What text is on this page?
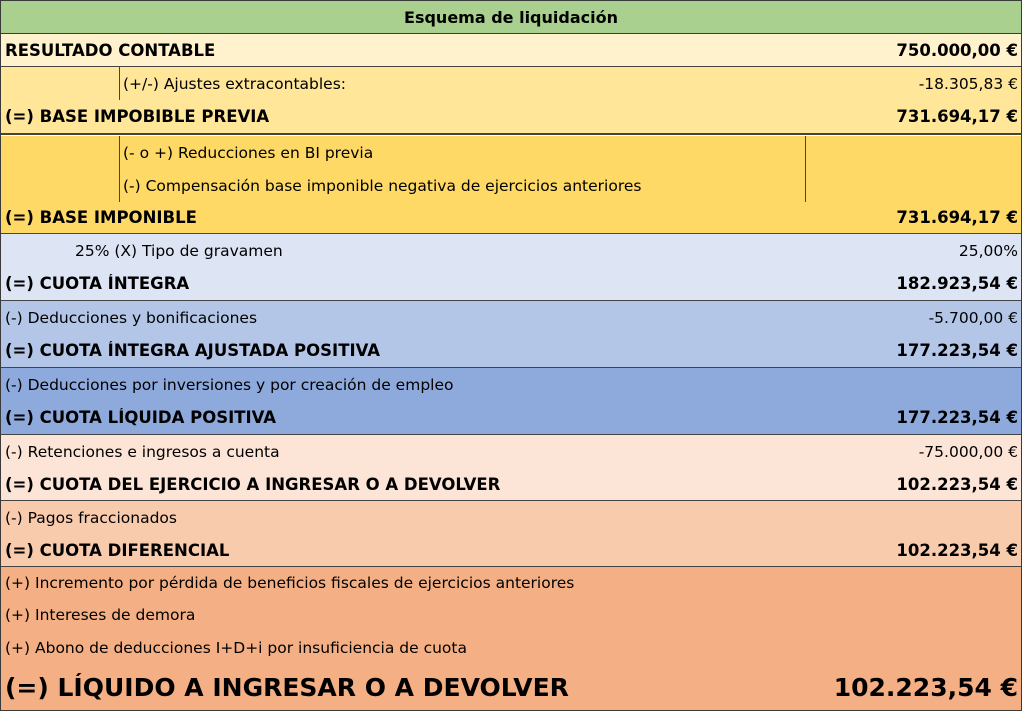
Esquema de liquidación
RESULTADO CONTABLE	750.000,00 €
(+/-) Ajustes extracontables:	-18.305,83 €
(=) BASE IMPOBIBLE PREVIA	731.694,17 €
(- o +) Reducciones en BI previa
(-) Compensación base imponible negativa de ejercicios anteriores
(=) BASE IMPONIBLE	731.694,17 €
25% (X) Tipo de gravamen	25,00%
(=) CUOTA ÍNTEGRA	182.923,54 €
(-) Deducciones y bonificaciones	-5.700,00 €
(=) CUOTA ÍNTEGRA AJUSTADA POSITIVA	177.223,54 €
(-) Deducciones por inversiones y por creación de empleo
(=) CUOTA LÍQUIDA POSITIVA	177.223,54 €
(-) Retenciones e ingresos a cuenta	-75.000,00 €
(=) CUOTA DEL EJERCICIO A INGRESAR O A DEVOLVER	102.223,54 €
(-) Pagos fraccionados
(=) CUOTA DIFERENCIAL	102.223,54 €
(+) Incremento por pérdida de beneficios fiscales de ejercicios anteriores
(+) Intereses de demora
(+) Abono de deducciones I+D+i por insuficiencia de cuota
(=) LÍQUIDO A INGRESAR O A DEVOLVER	102.223,54 €
